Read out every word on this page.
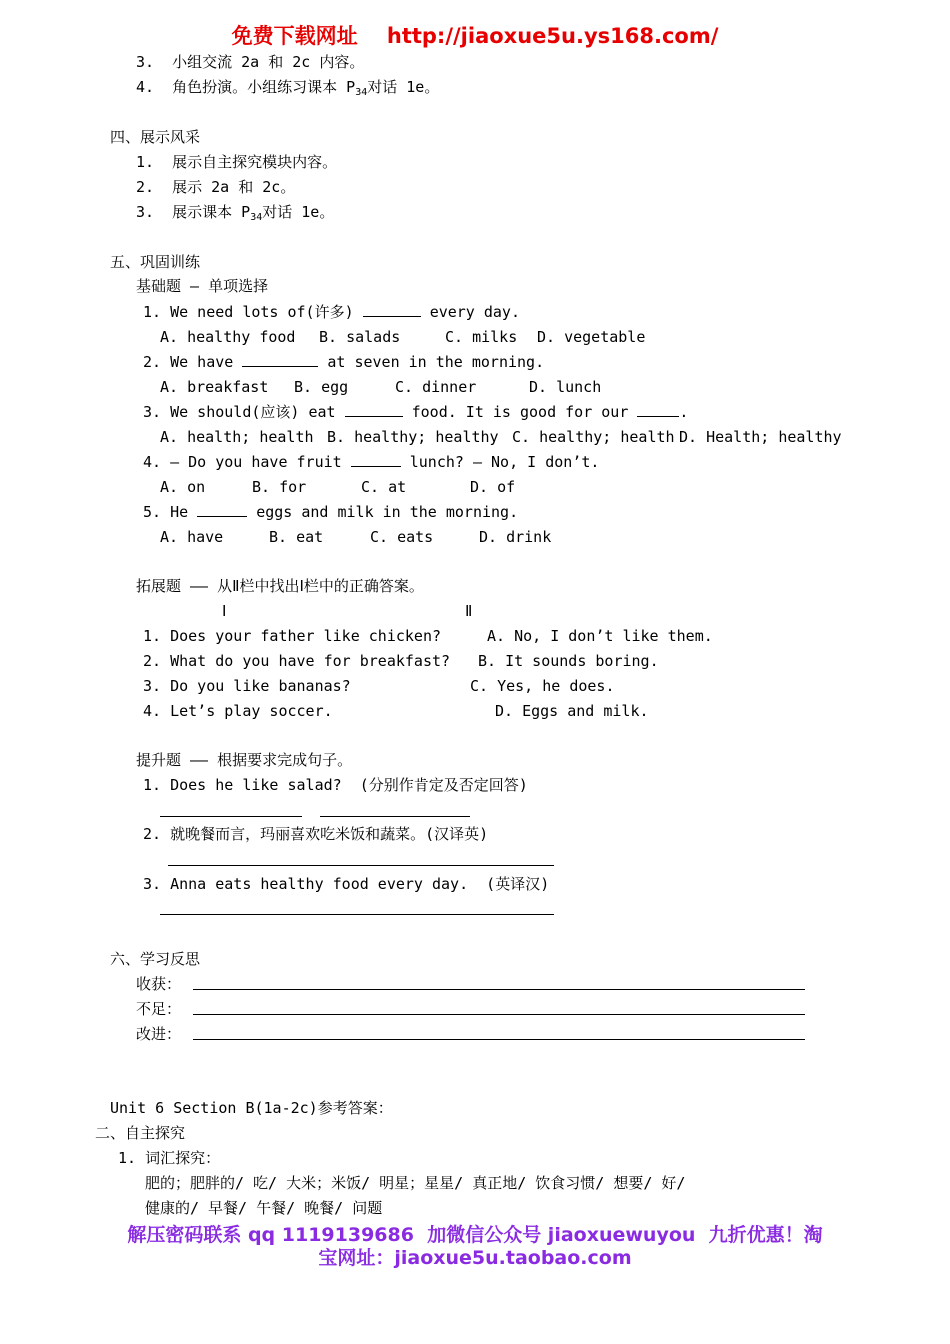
免费下载网址 http://jiaoxue5u.ys168.com/
3. 小组交流 2a 和 2c 内容。
4. 角色扮演。小组练习课本 $P_{34}$对话 1e。
四、展示风采
1. 展示自主探究模块内容。
2. 展示 2a 和 2c。
3. 展示课本 $P_{34}$对话 1e。
五、巩固训练
基础题 — 单项选择
1. We need lots of(许多)	every day.
A. healthy food B. salads	C. milks D. vegetable
2. We have	at seven in the morning.
A. breakfast B. egg	C. dinner	D. lunch
3. We should(应该) eat	food. It is good for our	.
A. health; health B. healthy; healthy C. healthy; health D. Health; healthy
4. — Do you have fruit	lunch? — No, I don’t.
A. on	B. for	C. at	D. of
5. He	eggs and milk in the morning.
A. have	B. eat	C. eats	D. drink
拓展题 —— 从Ⅱ栏中找出Ⅰ栏中的正确答案。
Ⅰ	Ⅱ
1. Does your father like chicken?	A. No, I don’t like them.
2. What do you have for breakfast? B. It sounds boring.
3. Do you like bananas?	C. Yes, he does.
4. Let’s play soccer.	D. Eggs and milk.
提升题 —— 根据要求完成句子。
1. Does he like salad?  (分别作肯定及否定回答)
2. 就晚餐而言，玛丽喜欢吃米饭和蔬菜。(汉译英)
3. Anna eats healthy food every day.  (英译汉)
六、学习反思
收获：
不足：
改进：
Unit 6 Section B(1a-2c)参考答案：
二、自主探究
1. 词汇探究：
肥的；肥胖的/ 吃/ 大米；米饭/ 明星；星星/ 真正地/ 饮食习惯/ 想要/ 好/
健康的/ 早餐/ 午餐/ 晚餐/ 问题
解压密码联系 qq 1119139686  加微信公众号 jiaoxuewuyou  九折优惠！淘
宝网址：jiaoxue5u.taobao.com
